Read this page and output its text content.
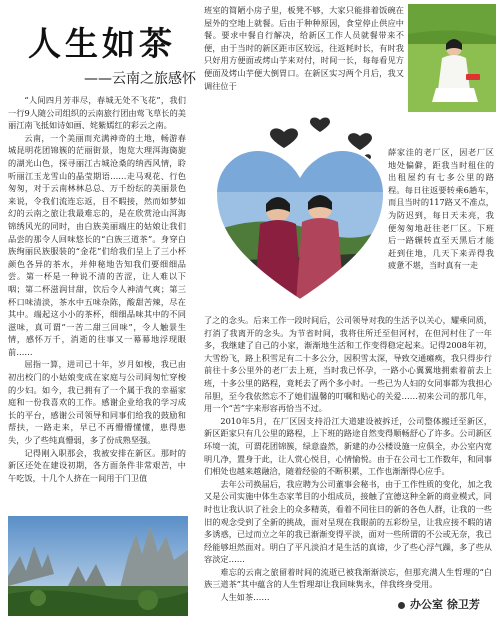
人生如茶
——云南之旅感怀

“人间四月芳菲尽，春城无处不飞花”，我们一行9人随公司组织的云南旅行团由莺飞草长的美丽江南飞抵如诗如画、姹紫嫣红的彩云之南。

云南，一个美丽而充满神奇的土地，畅游春城昆明花团锦簇的茫丽街景，饱览大理洱海旖旎的湖光山色，探寻丽江古城沧桑的纳西风情，聆听丽江玉龙雪山的晶莹期语……走马观花、行色匆匆，对于云南林林总总、万千纷纭的美丽景色来说，令我们流连忘返，目不暇接，然而如梦如幻的云南之旅让我最难忘的，是在欣赏沧山洱海锦绣风光的同时，由白族美丽端庄的姑娘让我们品尝的那令人回味悠长的“白族三道茶”。身穿白族绚丽民族服装的“金花”们给我们呈上了三小杯颜色各异的茶水，并伸秘地告知我们要细细品尝。第一杯是一种说不清的苦涩，让人难以下咽；第二杯滋润甘甜，饮后令人神清气爽；第三杯口味清淡，茶水中五味杂陈，酸甜苦辣，尽在其中。端起这小小的茶杯，细细品味其中的不同滋味，真可谓“一苦二甜三回味”，令人触景生情，感怀万千，消逝的往事又一幕幕地浮现眼前……

屈指一算，进司已十年，岁月如梭，我已由初出校门的小姑娘变成在家庭与公司间匆忙穿梭的少妇。如今，我已拥有了一个属于我的幸福家庭和一份我喜欢的工作。感谢企业给我的学习成长的平台，感谢公司领导和同事们给我的鼓励和帮扶，一路走来，早已不再懵懵懂懂，患得患失，少了些纯真懵弱，多了份成熟坚强。

记得刚入职那会，我被安排在新区。那时的新区还处在建设初期，各方面条件非常艰苦，中午吃饭，十几个人挤在一间用于门卫值

班室的简陋小房子里，板凳不够，大家只能排着饭碗在屋外的空地上就餐。后由于种种原因，食堂停止供应中餐。要求中餐自行解决，给新区工作人员就餐带来不便，由于当时的新区距市区较远，往返耗时长，有时我只好用方便面或烤山芋来对付，时间一长，每每看见方便面及烤山芋便大倒胃口。在新区实习两个月后，我又调往位于

薛家洼的老厂区，因老厂区地处偏僻，距我当时租住的出租屋约有七多公里的路程。每日往返要转乘6趟车，而且当时的117路又不准点，为防迟到，每日天未亮，我便匆匆地赶往老厂区。下班后一路辗转直至天黑后才能赶到住地，几天下来弄得我疲惫不堪，当时真有一走

了之的念头。后来工作一段时间后，公司领导对我的生活予以关心，耀乘同质，打消了我离开的念头。为节省时间，我将住所迁至但河村，在但河村住了一年多，我继建了自己的小家，渐渐地生活和工作变得稳定起来。记得2008年初，大雪纷飞，路上积雪足有二十多公分，因积雪太深，导致交通瘫痪，我只得步行前往十多公里外的老厂去上班，当时我已怀孕，一路小心翼翼地拥索着前去上班，十多公里的路程，竟耗去了两个多小时。一些已为人妇的女同事都为我担心吊胆，至今我依然忘不了她们温馨的叮嘱和贴心的关爱……初来公司的那几年，用一个“苦”字来形容再恰当不过。

2010年5月，在厂区因支持沿江大道建设被拆迁，公司整体搬迁至新区，新区距家只有几公里的路程，上下班的路途自然变得顺畅舒心了许多。公司新区环境一流，可谓花团锦簇，绿意盎然，新建的办公楼设施一应俱全，办公室内宽明几净，置身于此，让人赏心悦目，心情愉悦。由于在公司七工作数年，和同事们相处也越来越融洽，随着经验的不断积累，工作也渐渐得心应手。

去年公司换届后，我应聘为公司董事会秘书，由于工作性质的变化，加之我又是公司实施中体生态家苇目的小组成员，接触了宜德这种全新的商业模式，同时也让我认识了社会上的众多精英，看着不同往日的新的各色人群，让我的一些旧的观念受到了全新的挑战，面对呈现在我眼前的五彩纷呈，让我应接不暇的诸多诱惑，已过而立之年的我已渐渐变得平淡，面对一些所谓的不公或无奈，我已经能够坦然面对。明白了平凡淡泊才是生活的真谛，少了些心浮气躁，多了些从容淡定……

难忘的云南之旅留着时间的流逝已被我渐渐淡忘，但那充满人生哲理的“白族三道茶”其中蕴含的人生哲理却让我回味隽永，伴我终身受用。

人生如茶……

办公室 徐卫芳
